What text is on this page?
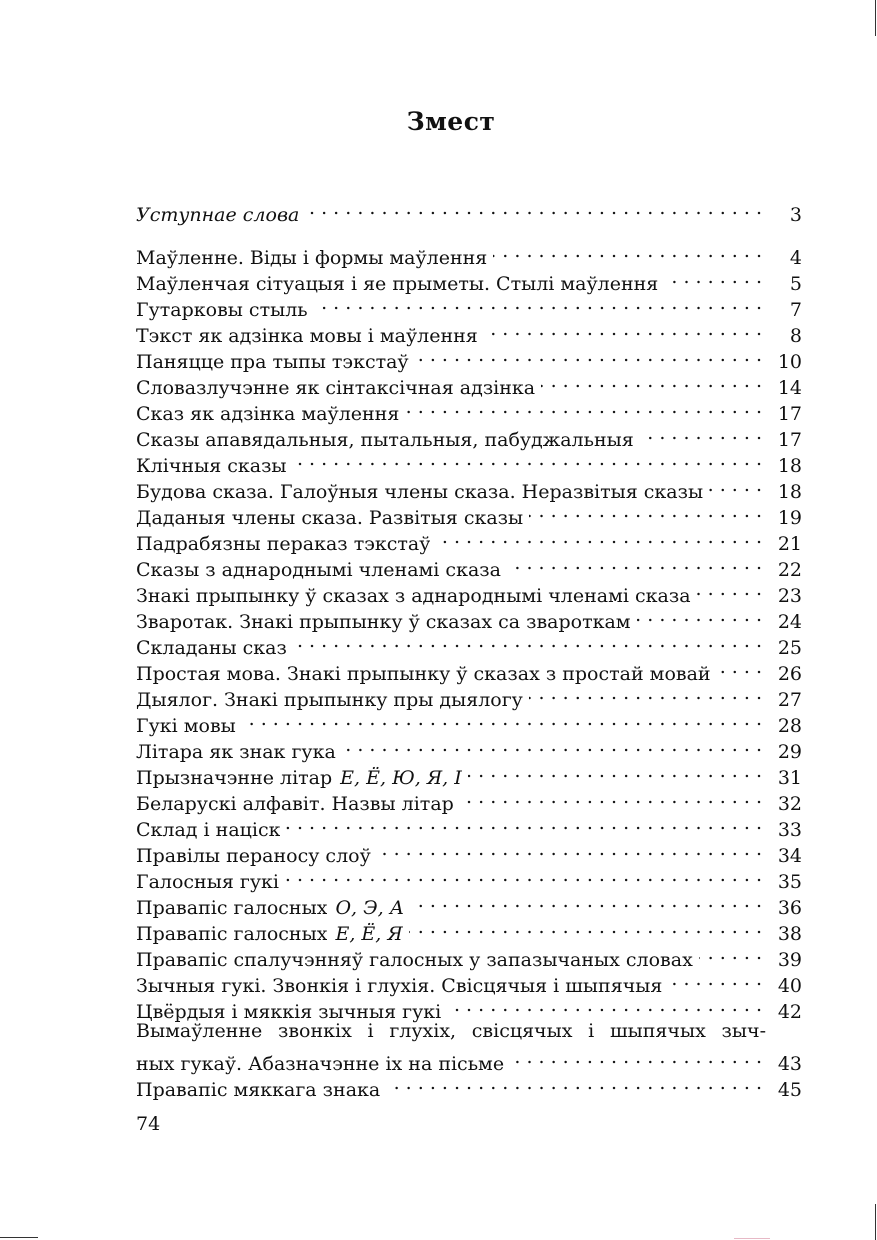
Змест
Уступнае слова . . .	3
Маўленне. Віды і формы маўлення . . .	4
Маўленчая сітуацыя і яе прыметы. Стылі маўлення . . .	5
Гутарковы стыль . . .	7
Тэкст як адзінка мовы і маўлення . . .	8
Паняцце пра тыпы тэкстаў . . .	10
Словазлучэнне як сінтаксічная адзінка . . .	14
Сказ як адзінка маўлення . . .	17
Сказы апавядальныя, пытальныя, пабуджальныя . . .	17
Клічныя сказы . . .	18
Будова сказа. Галоўныя члены сказа. Неразвітыя сказы . . .	18
Даданыя члены сказа. Развітыя сказы . . .	19
Падрабязны пераказ тэкстаў . . .	21
Сказы з аднароднымі членамі сказа . . .	22
Знакі прыпынку ў сказах з аднароднымі членамі сказа . . .	23
Зваротак. Знакі прыпынку ў сказах са звароткам . . .	24
Складаны сказ . . .	25
Простая мова. Знакі прыпынку ў сказах з простай мовай . . .	26
Дыялог. Знакі прыпынку пры дыялогу . . .	27
Гукі мовы . . .	28
Літара як знак гука . . .	29
Прызначэнне літар Е, Ё, Ю, Я, І . . .	31
Беларускі алфавіт. Назвы літар . . .	32
Склад і націск . . .	33
Правілы пераносу слоў . . .	34
Галосныя гукі . . .	35
Правапіс галосных О, Э, А . . .	36
Правапіс галосных Е, Ё, Я . . .	38
Правапіс спалучэнняў галосных у запазычаных словах . . .	39
Зычныя гукі. Звонкія і глухія. Свісцячыя і шыпячыя . . .	40
Цвёрдыя і мяккія зычныя гукі . . .	42
Вымаўленне звонкіх і глухіх, свісцячых і шыпячых зыч-
ных гукаў. Абазначэнне іх на пісьме . . .	43
Правапіс мяккага знака . . .	45
74
